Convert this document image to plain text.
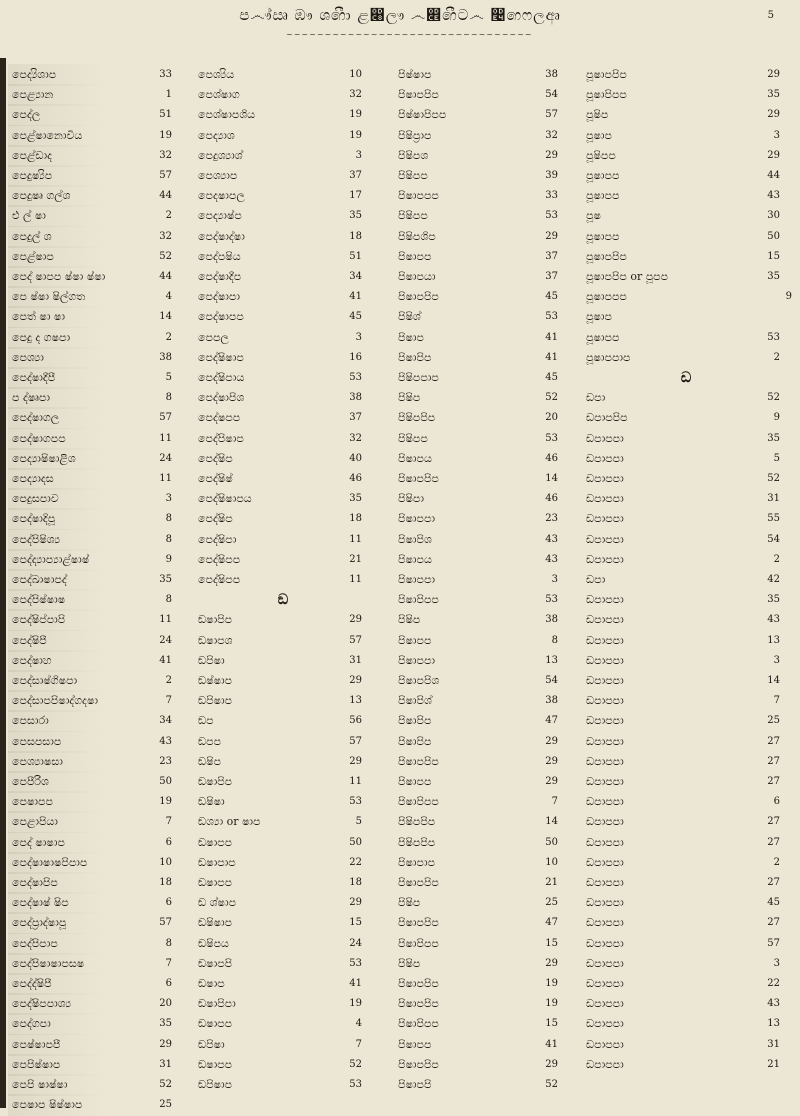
ප෴ෟ්ඍ ඹෟ ශ෯ා ළ෈ලෟ ෴෎෯ට෴ ෤෨ෆලඅෘ	5
~~~~~~~~~~~~~~~~~~~~~~~~~~~~~~~~
පෙද්‍යිශාප	33
පෙළ්‍යාන	1
පෙද්ල	51
පෙළ්ෂානොවිය	19
පෙළ්ඩාද	32
පෙදුෂ්‍යිප	57
පෙදුෂෘ ගල්ශ	44
එ ල් ෂා	2
පෙදුල් ශ	32
පෙළ්ෂාප	52
පෙද් ෂාපප ෂ්ෂා ෂ්ෂා	44
පෙ ෂ්ෂා ෂිල්ගත	4
පෙත් ෂා ෂා	14
පෙදු ද ගෂපා	2
පෙශ්‍යා	38
පෙද්ෂාදීපී	5
ප ද්ෂෘපා	8
පෙද්ෂාගල	57
පෙද්ෂාගපප	11
පෙද්‍යාෂිෂාළිශ	24
පෙද්‍යාදස	11
පෙදුසපාව	3
පෙද්ෂාදිපූ	8
පෙද්පිෂිශ්‍ය	8
පෙද්ද්‍යාප්‍යාළ්ෂාෂ්	9
පෙද්ඛාෂාපද්	35
පෙද්පිෂ්ෂාෂ	8
පෙද්ෂිප්පාපි	11
පෙද්ෂිපී	24
පෙද්ෂාහ	41
පෙද්සාෂ්ගිෂපා	2
පෙද්සාපපිෂාද්ගදෂා	7
පෙසාරා	34
පෙසපසාප	43
පෙශ්‍යාෂසා	23
පෙපීරිශ	50
පෙෂාපප	19
පෙළාපියා	7
පෙද් ෂාෂාප	6
පෙද්ෂාෂාෂපිපාප	10
පෙද්ෂාපිප	18
පෙද්ෂාෂ් ෂිප	6
පෙද්ප්‍රාද්ෂාපූ	57
පෙද්පිපාප	8
පෙද්පිෂාෂාපසෂ	7
පෙද්ද්ෂිපී	6
පෙද්ෂිපපාශ්‍ය	20
පෙද්ගපා	35
පෙෂ්ෂාපපී	29
පෙපිෂ්ෂාප	31
පෙපි ෂාෂ්ෂා	52
පෙෂාප ෂිෂ්ෂාප	25
පෙශ්‍යිය	10
පෙශ්ෂාග	32
පෙශ්ෂාපශිය	19
පෙද්‍යාශ	19
පෙදුශ්‍යාශ්	3
පෙශ්‍යාප	37
පෙදෂාපල	17
පෙද්‍යාෂ්ප	35
පෙද්ෂාද්ෂා	18
පෙද්පෂිය	51
පෙද්ෂාදීප	34
පෙද්ෂාපා	41
පෙද්ෂාපප	45
පෙපල	3
පෙද්ෂිෂාප	16
පෙද්ෂිපාය	53
පෙද්ෂාපිශ	38
පෙද්ෂපප	37
පෙද්පිෂාප	32
පෙද්ෂිප	40
පෙද්ෂිෂ්	46
පෙද්ෂිෂාපය	35
පෙද්ෂිප	18
පෙද්ෂිපා	11
පෙද්ෂිපප	21
පෙද්ෂිපප	11
ඞ
ඞෂාපිප	29
ඞෂාපශ	57
ඞපිෂා	31
ඞෂ්ෂාප	29
ඞපිෂාප	13
ඞප	56
ඞපප	57
ඞෂිප	29
ඞෂාපිප	11
ඞෂිෂා	53
ඞශ්‍යා or ෂාප	5
ඞෂාපප	50
ඞෂාපාප	22
ඞෂාපප	18
ඞ ශ්ෂාප	29
ඞෂිෂාප	15
ඞෂිපය	24
ඞෂාපපි	53
ඞෂාප	41
ඞෂාපිපා	19
ඞෂාපප	4
ඞපිෂා	7
ඞෂාපප	52
ඞපිෂාප	53
පිෂ්ෂාප	38
පිෂාපපිප	54
පිෂ්ෂාපිපප	57
පිෂිප්‍රාප	32
පිෂිපශ	29
පිෂිපප	39
පිෂාපපප	33
පිෂිපප	53
පිෂිපශිප	29
පිෂාපප	37
පිෂාපයා	37
පිෂාපපිප	45
පිෂිශ්	53
පිෂාප	41
පිෂාපිප	41
පිෂිපපාප	45
පිෂිප	52
පිෂිපපිප	20
පිෂිපප	53
පිෂාපය	46
පිෂාපපිප	14
පිෂිපා	46
පිෂාපපා	23
පිෂාපිශ	43
පිෂාපය	43
පිෂාපපා	3
පිෂාපිපප	53
පිෂිප	38
පිෂාපප	8
පිෂාපපා	13
පිෂාපපිශ	54
පිෂාපිශ්	38
පිෂාපිප	47
පිෂාපිප	29
පිෂාපපිප	29
පිෂාපප	29
පිෂාපිපප	7
පිෂිපපිප	14
පිෂිපපිප	50
පිෂාපාප	10
පිෂාපපිප	21
පිෂිප	25
පිෂාපපිප	47
පිෂාපිපප	15
පිෂිප	29
පිෂාපපිප	19
පිෂාපපිප	19
පිෂාපිපප	15
පිෂාපප	41
පිෂාපපිප	29
පිෂාපපි	52
පූෂාපපිප	29
පූෂාපිපප	35
පූෂිප	29
පූෂාප	3
පූෂිපප	29
පූෂාපප	44
පූෂාපප	43
පූෂ	30
පූෂාපප	50
පූෂාපපිප	15
පූෂාපපිප or පූපප	35
පූෂාපපප	9
පූෂාප
පූෂාපප	53
පූෂාපපාප	2
ඩ
ඩපා	52
ඩපාපපිප	9
ඩපාපපා	35
ඩපාපපා	5
ඩපාපපා	52
ඩපාපපා	31
ඩපාපපා	55
ඩපාපපා	54
ඩපාපපා	2
ඩපා	42
ඩපාපපා	35
ඩපාපපා	43
ඩපාපපා	13
ඩපාපපා	3
ඩපාපපා	14
ඩපාපපා	7
ඩපාපපා	25
ඩපාපපා	27
ඩපාපපා	27
ඩපාපපා	27
ඩපාපපා	6
ඩපාපපා	27
ඩපාපපා	27
ඩපාපපා	2
ඩපාපපා	27
ඩපාපපා	45
ඩපාපපා	27
ඩපාපපා	57
ඩපාපපා	3
ඩපාපපා	22
ඩපාපපා	43
ඩපාපපා	13
ඩපාපපා	31
ඩපාපපා	21
